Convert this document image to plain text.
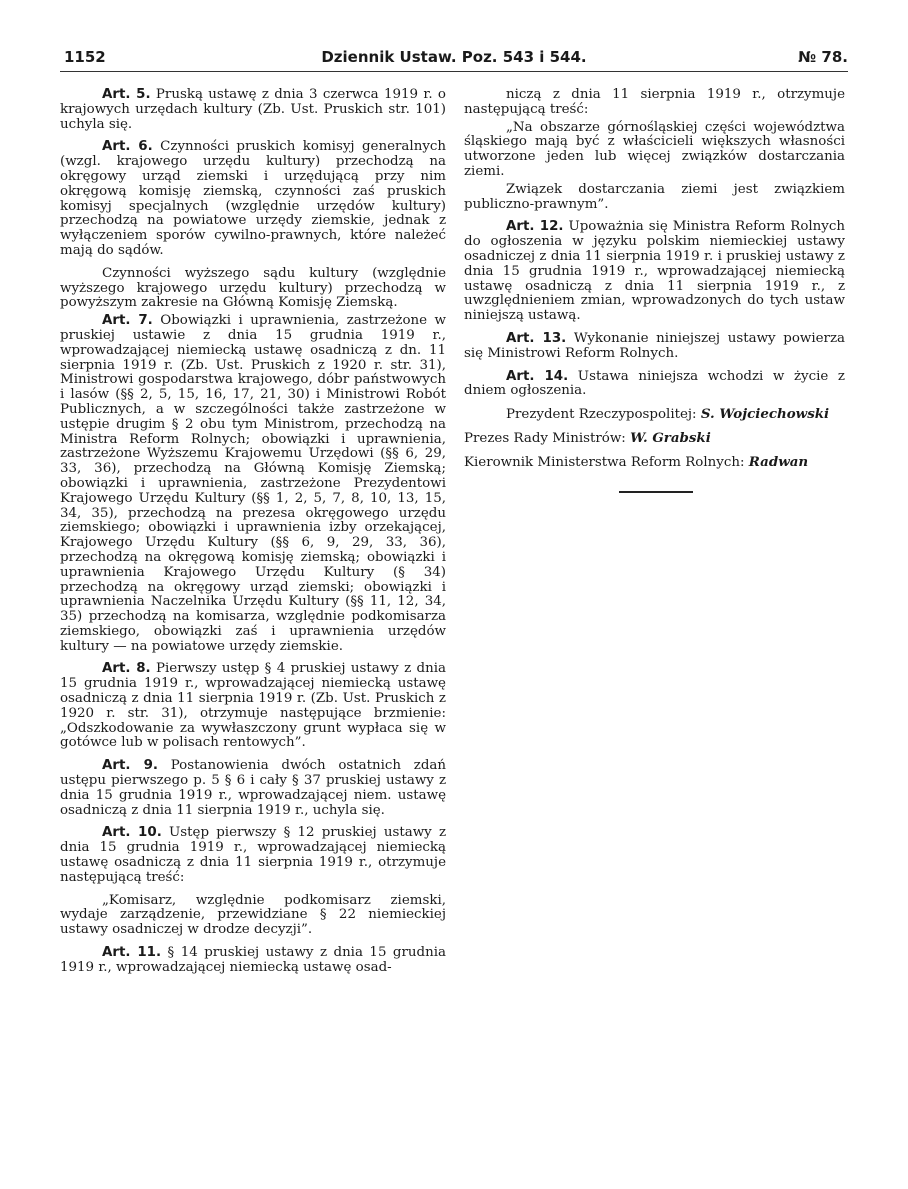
1152	Dziennik Ustaw. Poz. 543 i 544.	№ 78.

Art. 5. Pruską ustawę z dnia 3 czerwca 1919 r. o krajowych urzędach kultury (Zb. Ust. Pruskich str. 101) uchyla się.

Art. 6. Czynności pruskich komisyj generalnych (wzgl. krajowego urzędu kultury) przechodzą na okręgowy urząd ziemski i urzędującą przy nim okręgową komisję ziemską, czynności zaś pruskich komisyj specjalnych (względnie urzędów kultury) przechodzą na powiatowe urzędy ziemskie, jednak z wyłączeniem sporów cywilno-prawnych, które należeć mają do sądów.

Czynności wyższego sądu kultury (względnie wyższego krajowego urzędu kultury) przechodzą w powyższym zakresie na Główną Komisję Ziemską.

Art. 7. Obowiązki i uprawnienia, zastrzeżone w pruskiej ustawie z dnia 15 grudnia 1919 r., wprowadzającej niemiecką ustawę osadniczą z dn. 11 sierpnia 1919 r. (Zb. Ust. Pruskich z 1920 r. str. 31), Ministrowi gospodarstwa krajowego, dóbr państwowych i lasów (§§ 2, 5, 15, 16, 17, 21, 30) i Ministrowi Robót Publicznych, a w szczególności także zastrzeżone w ustępie drugim § 2 obu tym Ministrom, przechodzą na Ministra Reform Rolnych; obowiązki i uprawnienia, zastrzeżone Wyższemu Krajowemu Urzędowi (§§ 6, 29, 33, 36), przechodzą na Główną Komisję Ziemską; obowiązki i uprawnienia, zastrzeżone Prezydentowi Krajowego Urzędu Kultury (§§ 1, 2, 5, 7, 8, 10, 13, 15, 34, 35), przechodzą na prezesa okręgowego urzędu ziemskiego; obowiązki i uprawnienia izby orzekającej, Krajowego Urzędu Kultury (§§ 6, 9, 29, 33, 36), przechodzą na okręgową komisję ziemską; obowiązki i uprawnienia Krajowego Urzędu Kultury (§ 34) przechodzą na okręgowy urząd ziemski; obowiązki i uprawnienia Naczelnika Urzędu Kultury (§§ 11, 12, 34, 35) przechodzą na komisarza, względnie podkomisarza ziemskiego, obowiązki zaś i uprawnienia urzędów kultury — na powiatowe urzędy ziemskie.

Art. 8. Pierwszy ustęp § 4 pruskiej ustawy z dnia 15 grudnia 1919 r., wprowadzającej niemiecką ustawę osadniczą z dnia 11 sierpnia 1919 r. (Zb. Ust. Pruskich z 1920 r. str. 31), otrzymuje następujące brzmienie: „Odszkodowanie za wywłaszczony grunt wypłaca się w gotówce lub w polisach rentowych”.

Art. 9. Postanowienia dwóch ostatnich zdań ustępu pierwszego p. 5 § 6 i cały § 37 pruskiej ustawy z dnia 15 grudnia 1919 r., wprowadzającej niem. ustawę osadniczą z dnia 11 sierpnia 1919 r., uchyla się.

Art. 10. Ustęp pierwszy § 12 pruskiej ustawy z dnia 15 grudnia 1919 r., wprowadzającej niemiecką ustawę osadniczą z dnia 11 sierpnia 1919 r., otrzymuje następującą treść:

„Komisarz, względnie podkomisarz ziemski, wydaje zarządzenie, przewidziane § 22 niemieckiej ustawy osadniczej w drodze decyzji”.

Art. 11. § 14 pruskiej ustawy z dnia 15 grudnia 1919 r., wprowadzającej niemiecką ustawę osad-

niczą z dnia 11 sierpnia 1919 r., otrzymuje następującą treść:

„Na obszarze górnośląskiej części województwa śląskiego mają być z właścicieli większych własności utworzone jeden lub więcej związków dostarczania ziemi.

Związek dostarczania ziemi jest związkiem publiczno-prawnym”.

Art. 12. Upoważnia się Ministra Reform Rolnych do ogłoszenia w języku polskim niemieckiej ustawy osadniczej z dnia 11 sierpnia 1919 r. i pruskiej ustawy z dnia 15 grudnia 1919 r., wprowadzającej niemiecką ustawę osadniczą z dnia 11 sierpnia 1919 r., z uwzględnieniem zmian, wprowadzonych do tych ustaw niniejszą ustawą.

Art. 13. Wykonanie niniejszej ustawy powierza się Ministrowi Reform Rolnych.

Art. 14. Ustawa niniejsza wchodzi w życie z dniem ogłoszenia.

Prezydent Rzeczypospolitej: S. Wojciechowski
Prezes Rady Ministrów: W. Grabski
Kierownik Ministerstwa Reform Rolnych: Radwan
